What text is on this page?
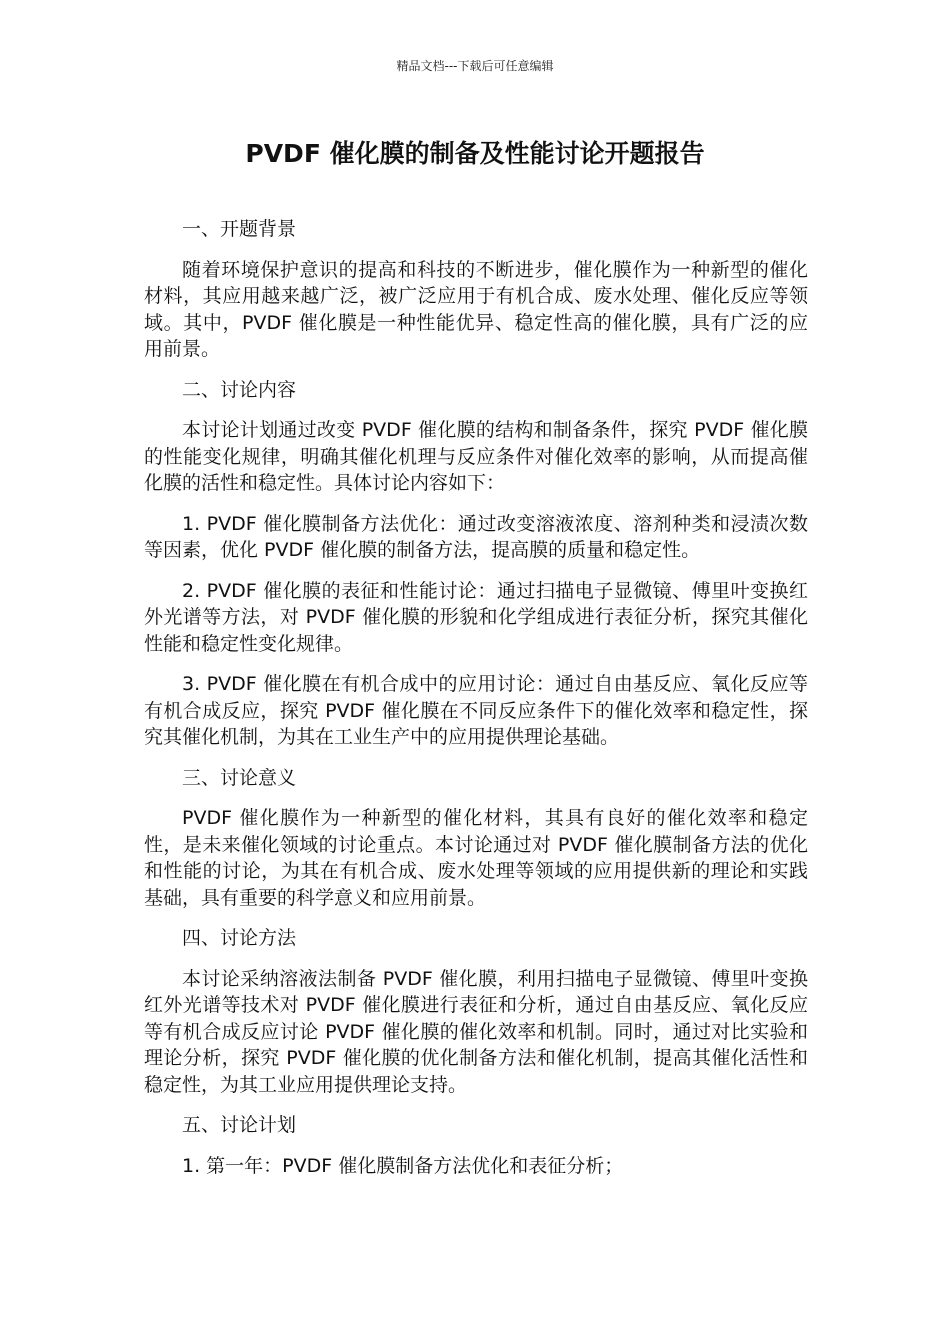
精品文档---下载后可任意编辑
PVDF 催化膜的制备及性能讨论开题报告

一、开题背景

随着环境保护意识的提高和科技的不断进步，催化膜作为一种新型的催化材料，其应用越来越广泛，被广泛应用于有机合成、废水处理、催化反应等领域。其中，PVDF 催化膜是一种性能优异、稳定性高的催化膜，具有广泛的应用前景。

二、讨论内容

本讨论计划通过改变 PVDF 催化膜的结构和制备条件，探究 PVDF 催化膜的性能变化规律，明确其催化机理与反应条件对催化效率的影响，从而提高催化膜的活性和稳定性。具体讨论内容如下：

1. PVDF 催化膜制备方法优化：通过改变溶液浓度、溶剂种类和浸渍次数等因素，优化 PVDF 催化膜的制备方法，提高膜的质量和稳定性。

2. PVDF 催化膜的表征和性能讨论：通过扫描电子显微镜、傅里叶变换红外光谱等方法，对 PVDF 催化膜的形貌和化学组成进行表征分析，探究其催化性能和稳定性变化规律。

3. PVDF 催化膜在有机合成中的应用讨论：通过自由基反应、氧化反应等有机合成反应，探究 PVDF 催化膜在不同反应条件下的催化效率和稳定性，探究其催化机制，为其在工业生产中的应用提供理论基础。

三、讨论意义

PVDF 催化膜作为一种新型的催化材料，其具有良好的催化效率和稳定性，是未来催化领域的讨论重点。本讨论通过对 PVDF 催化膜制备方法的优化和性能的讨论，为其在有机合成、废水处理等领域的应用提供新的理论和实践基础，具有重要的科学意义和应用前景。

四、讨论方法

本讨论采纳溶液法制备 PVDF 催化膜，利用扫描电子显微镜、傅里叶变换红外光谱等技术对 PVDF 催化膜进行表征和分析，通过自由基反应、氧化反应等有机合成反应讨论 PVDF 催化膜的催化效率和机制。同时，通过对比实验和理论分析，探究 PVDF 催化膜的优化制备方法和催化机制，提高其催化活性和稳定性，为其工业应用提供理论支持。

五、讨论计划

1. 第一年：PVDF 催化膜制备方法优化和表征分析；
